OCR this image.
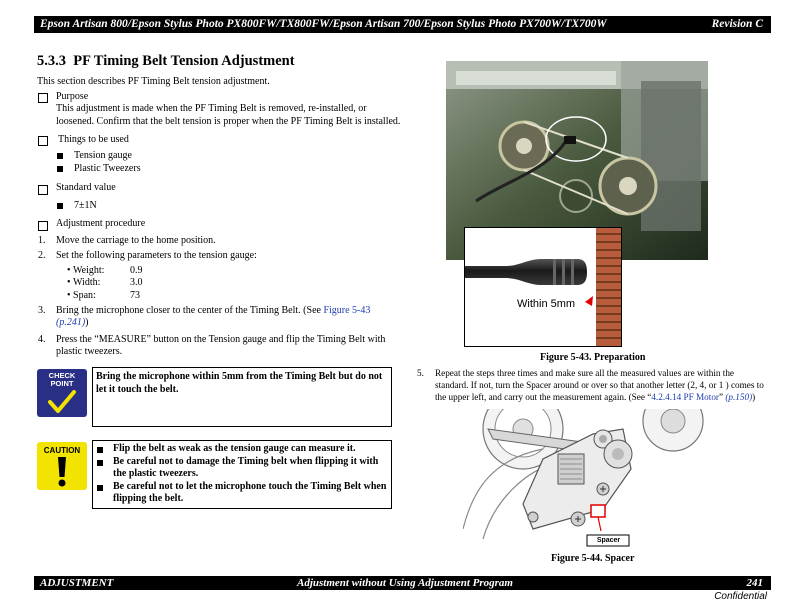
Epson Artisan 800/Epson Stylus Photo PX800FW/TX800FW/Epson Artisan 700/Epson Stylus Photo PX700W/TX700W	Revision C
5.3.3 PF Timing Belt Tension Adjustment
This section describes PF Timing Belt tension adjustment.
Purpose
This adjustment is made when the PF Timing Belt is removed, re-installed, or
loosened. Confirm that the belt tension is proper when the PF Timing Belt is installed.
Things to be used
Tension gauge
Plastic Tweezers
Standard value
7±1N
Adjustment procedure
1. Move the carriage to the home position.
2. Set the following parameters to the tension gauge:
• Weight:	0.9
• Width:	3.0
• Span:	73
3. Bring the microphone closer to the center of the Timing Belt. (See Figure 5-43
(p.241))
4. Press the “MEASURE” button on the Tension gauge and flip the Timing Belt with
plastic tweezers.
CHECK
POINT
Bring the microphone within 5mm from the Timing Belt but do not
let it touch the belt.
CAUTION	Flip the belt as weak as the tension gauge can measure it.
Be careful not to damage the Timing belt when flipping it with
the plastic tweezers.
Be careful not to let the microphone touch the Timing Belt when
flipping the belt.
Within 5mm
Figure 5-43. Preparation
5. Repeat the steps three times and make sure all the measured values are within the
standard. If not, turn the Spacer around or over so that another letter (2, 4, or 1 ) comes to
the upper left, and carry out the measurement again. (See “4.2.4.14 PF Motor” (p.150))
Spacer
Figure 5-44. Spacer
ADJUSTMENT	Adjustment without Using Adjustment Program	241
Confidential
